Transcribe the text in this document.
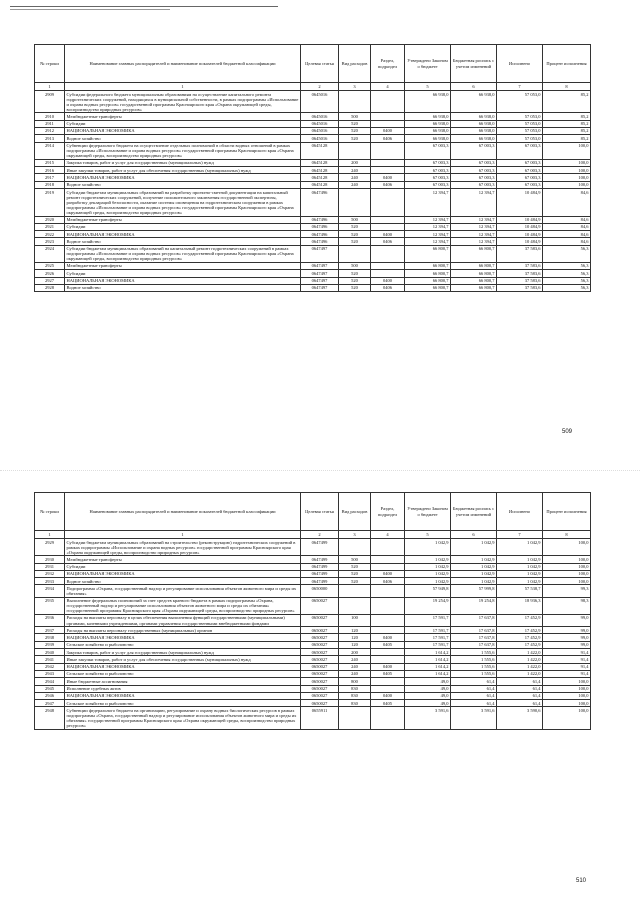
№ строки	Наименование главных распорядителей и наименование показателей бюджетной классификации	Целевая статья	Вид расходов	Раздел, подраздел	Утверждено Законом о бюджете	Бюджетная роспись с учетом изменений	Исполнено	Процент исполнения
1	1	2	3	4	5	6	7	8
2909	Субсидии федерального бюджета муниципальным образованиям на осуществление капитального ремонта гидротехнических сооружений, находящихся в муниципальной собственности, в рамках подпрограммы «Использование и охрана водных ресурсов» государственной программы Красноярского края «Охрана окружающей среды, воспроизводство природных ресурсов»	0645016			66 938,0	66 938,0	57 053,0	85,2
2910	Межбюджетные трансферты	0645016	500		66 938,0	66 938,0	57 053,0	85,2
2911	Субсидии	0645016	520		66 938,0	66 938,0	57 053,0	85,2
2912	НАЦИОНАЛЬНАЯ ЭКОНОМИКА	0645016	520	0400	66 938,0	66 938,0	57 053,0	85,2
2913	Водное хозяйство	0645016	520	0406	66 938,0	66 938,0	57 053,0	85,2
2914	Субвенции федерального бюджета на осуществление отдельных полномочий в области водных отношений в рамках подпрограммы «Использование и охрана водных ресурсов» государственной программы Красноярского края «Охрана окружающей среды, воспроизводство природных ресурсов»	0645128			67 003,3	67 003,3	67 003,3	100,0
2915	Закупка товаров, работ и услуг для государственных (муниципальных) нужд	0645128	200		67 003,3	67 003,3	67 003,3	100,0
2916	Иные закупки товаров, работ и услуг для обеспечения государственных (муниципальных) нужд	0645128	240		67 003,3	67 003,3	67 003,3	100,0
2917	НАЦИОНАЛЬНАЯ ЭКОНОМИКА	0645128	240	0400	67 003,3	67 003,3	67 003,3	100,0
2918	Водное хозяйство	0645128	240	0406	67 003,3	67 003,3	67 003,3	100,0
2919	Субсидии бюджетам муниципальных образований на разработку проектно-сметной документации на капитальный ремонт гидротехнических сооружений, получение положительного заключения государственной экспертизы, разработку деклараций безопасности, оказание системы оповещения на гидротехническом сооружении в рамках подпрограммы «Использование и охрана водных ресурсов» государственной программы Красноярского края «Охрана окружающей среды, воспроизводство природных ресурсов»	0647496			12 394,7	12 394,7	10 484,9	84,6
2920	Межбюджетные трансферты	0647496	500		12 394,7	12 394,7	10 484,9	84,6
2921	Субсидии	0647496	520		12 394,7	12 394,7	10 484,9	84,6
2922	НАЦИОНАЛЬНАЯ ЭКОНОМИКА	0647496	520	0400	12 394,7	12 394,7	10 484,9	84,6
2923	Водное хозяйство	0647496	520	0406	12 394,7	12 394,7	10 484,9	84,6
2924	Субсидии бюджетам муниципальных образований на капитальный ремонт гидротехнических сооружений в рамках подпрограммы «Использование и охрана водных ресурсов» государственной программы Красноярского края «Охрана окружающей среды, воспроизводство природных ресурсов»	0647497			66 800,7	66 800,7	37 583,6	56,3
2925	Межбюджетные трансферты	0647497	500		66 800,7	66 800,7	37 583,6	56,3
2926	Субсидии	0647497	520		66 800,7	66 800,7	37 583,6	56,3
2927	НАЦИОНАЛЬНАЯ ЭКОНОМИКА	0647497	520	0400	66 800,7	66 800,7	37 583,6	56,3
2928	Водное хозяйство	0647497	520	0406	66 800,7	66 800,7	37 583,6	56,3
509
№ строки	Наименование главных распорядителей и наименование показателей бюджетной классификации	Целевая статья	Вид расходов	Раздел, подраздел	Утверждено Законом о бюджете	Бюджетная роспись с учетом изменений	Исполнено	Процент исполнения
1	1	2	3	4	5	6	7	8
2929	Субсидии бюджетам муниципальных образований на строительство (реконструкцию) гидротехнических сооружений в рамках подпрограммы «Использование и охрана водных ресурсов» государственной программы Красноярского края «Охрана окружающей среды, воспроизводство природных ресурсов»	0647499			1 042,9	1 042,9	1 042,9	100,0
2930	Межбюджетные трансферты	0647499	500		1 042,9	1 042,9	1 042,9	100,0
2931	Субсидии	0647499	520		1 042,9	1 042,9	1 042,9	100,0
2932	НАЦИОНАЛЬНАЯ ЭКОНОМИКА	0647499	520	0400	1 042,9	1 042,9	1 042,9	100,0
2933	Водное хозяйство	0647499	520	0406	1 042,9	1 042,9	1 042,9	100,0
2934	Подпрограмма «Охрана, государственный надзор и регулирование использования объектов животного мира и среды их обитания»	0650000			57 949,8	57 999,8	57 538,7	99,3
2935	Выполнение федеральных полномочий за счет средств краевого бюджета в рамках подпрограммы «Охрана, государственный надзор и регулирование использования объектов животного мира и среды их обитания» государственной программы Красноярского края «Охрана окружающей среды, воспроизводство природных ресурсов»	0650027			19 254,9	19 254,8	18 936,3	98,3
2936	Расходы на выплаты персоналу в целях обеспечения выполнения функций государственными (муниципальными) органами, казенными учреждениями, органами управления государственными внебюджетными фондами	0650027	100		17 591,7	17 637,8	17 452,9	99,0
2937	Расходы на выплаты персоналу государственных (муниципальных) органов	0650027	120		17 591,7	17 637,8	17 452,9	99,0
2938	НАЦИОНАЛЬНАЯ ЭКОНОМИКА	0650027	120	0400	17 591,7	17 637,8	17 452,9	99,0
2939	Сельское хозяйство и рыболовство	0650027	120	0405	17 591,7	17 637,8	17 452,9	99,0
2940	Закупка товаров, работ и услуг для государственных (муниципальных) нужд	0650027	200		1 614,2	1 555,6	1 422,0	91,4
2941	Иные закупки товаров, работ и услуг для обеспечения государственных (муниципальных) нужд	0650027	240		1 614,2	1 555,6	1 422,0	91,4
2942	НАЦИОНАЛЬНАЯ ЭКОНОМИКА	0650027	240	0400	1 614,2	1 555,6	1 422,0	91,4
2943	Сельское хозяйство и рыболовство	0650027	240	0405	1 614,2	1 555,6	1 422,0	91,4
2944	Иные бюджетные ассигнования	0650027	800		49,0	61,4	61,4	100,0
2945	Исполнение судебных актов	0650027	830		49,0	61,4	61,4	100,0
2946	НАЦИОНАЛЬНАЯ ЭКОНОМИКА	0650027	830	0400	49,0	61,4	61,4	100,0
2947	Сельское хозяйство и рыболовство	0650027	830	0405	49,0	61,4	61,4	100,0
2948	Субвенции федерального бюджета на организацию, регулирование и охрану водных биологических ресурсов в рамках подпрограммы «Охрана, государственный надзор и регулирование использования объектов животного мира и среды их обитания» государственной программы Красноярского края «Охрана окружающей среды, воспроизводство природных ресурсов»	0655911			3 591,6	3 591,6	3 590,6	100,0
510
